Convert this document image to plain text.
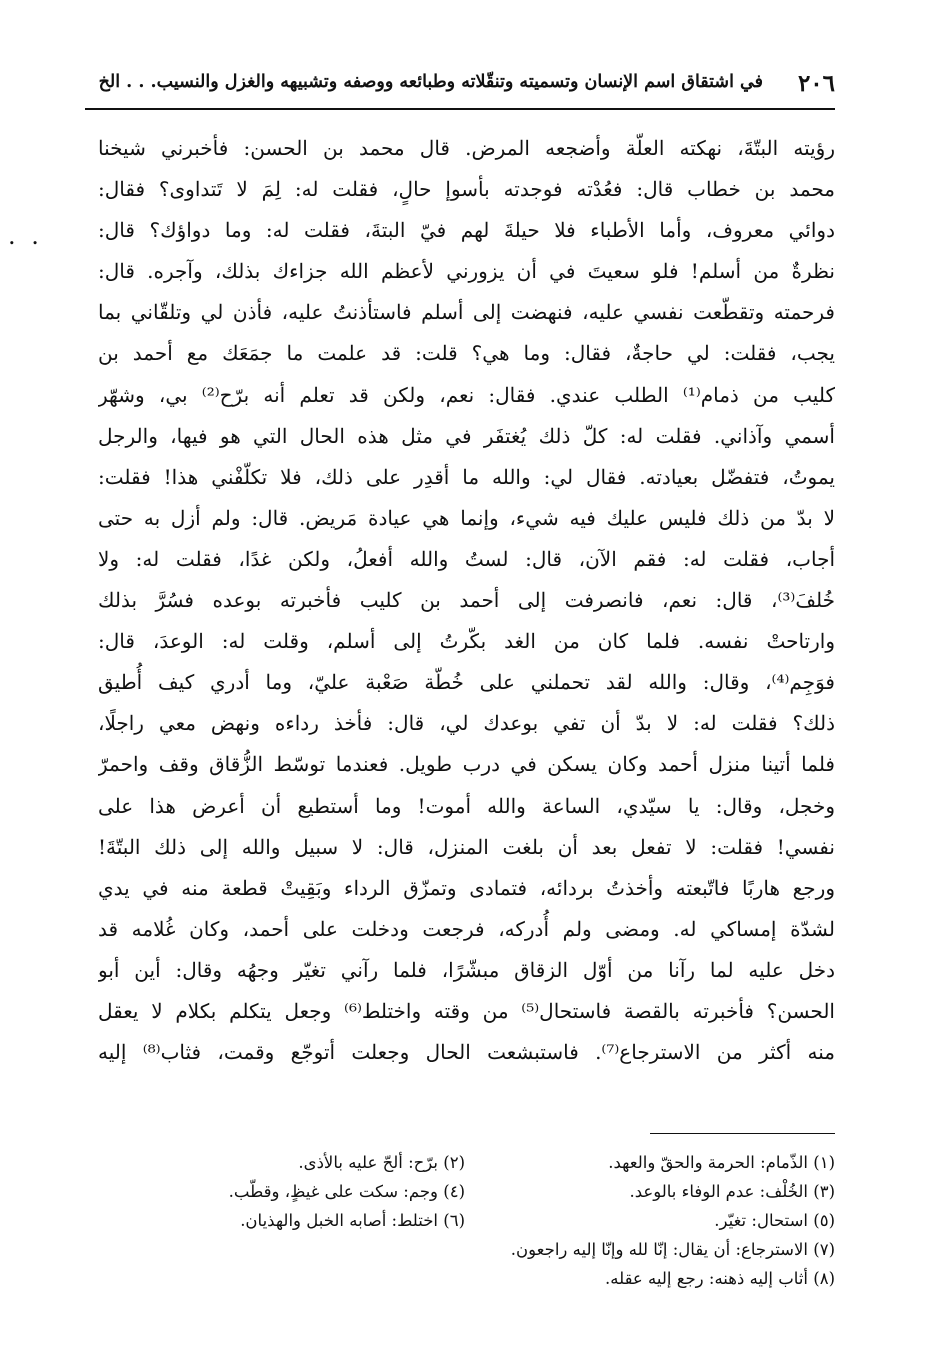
٢٠٦
في اشتقاق اسم الإنسان وتسميته وتنقّلاته وطبائعه ووصفه وتشبيهه والغزل والنسيب. . . الخ
. .
رؤيته البتّةَ، نهكته العلّة وأضجعه المرض. قال محمد بن الحسن: فأخبرني شيخنا
محمد بن خطاب قال: فعُدْته فوجدته بأسوإ حالٍ، فقلت له: لِمَ لا تَتداوى؟ فقال:
دوائي معروف، وأما الأطباء فلا حيلةَ لهم فيّ البتةَ، فقلت له: وما دواؤك؟ قال:
نظرةٌ من أسلم! فلو سعيتَ في أن يزورني لأعظم الله جزاءك بذلك، وآجره. قال:
فرحمته وتقطّعت نفسي عليه، فنهضت إلى أسلم فاستأذنتُ عليه، فأذن لي وتلقّاني بما
يجب، فقلت: لي حاجةٌ، فقال: وما هي؟ قلت: قد علمت ما جمَعَك مع أحمد بن
كليب من ذمام⁽¹⁾ الطلب عندي. فقال: نعم، ولكن قد تعلم أنه برّح⁽²⁾ بي، وشهّر
أسمي وآذاني. فقلت له: كلّ ذلك يُغتفَر في مثل هذه الحال التي هو فيها، والرجل
يموتُ، فتفضّل بعيادته. فقال لي: والله ما أقدِر على ذلك، فلا تكلّفْني هذا! فقلت:
لا بدّ من ذلك فليس عليك فيه شيء، وإنما هي عيادة مَريض. قال: ولم أزل به حتى
أجاب، فقلت له: فقم الآن، قال: لستُ والله أفعلُ، ولكن غدًا، فقلت له: ولا
خُلفَ⁽³⁾، قال: نعم، فانصرفت إلى أحمد بن كليب فأخبرته بوعده فسُرَّ بذلك
وارتاحتْ نفسه. فلما كان من الغد بكّرتُ إلى أسلم، وقلت له: الوعدَ، قال:
فوَجِم⁽⁴⁾، وقال: والله لقد تحملني على خُطّة صَعْبة عليّ، وما أدري كيف أُطيق
ذلك؟ فقلت له: لا بدّ أن تفي بوعدك لي، قال: فأخذ رداءه ونهض معي راجلًا،
فلما أتينا منزل أحمد وكان يسكن في درب طويل. فعندما توسّط الزُّقاق وقف واحمرّ
وخجل، وقال: يا سيّدي، الساعة والله أموت! وما أستطيع أن أعرض هذا على
نفسي! فقلت: لا تفعل بعد أن بلغت المنزل، قال: لا سبيل والله إلى ذلك البتّةَ!
ورجع هاربًا فاتّبعته وأخذتُ بردائه، فتمادى وتمزّق الرداء وبَقِيتْ قطعة منه في يدي
لشدّة إمساكي له. ومضى ولم أُدركه، فرجعت ودخلت على أحمد، وكان غُلامه قد
دخل عليه لما رآنا من أوّل الزقاق مبشّرًا، فلما رآني تغيّر وجهُه وقال: أين أبو
الحسن؟ فأخبرته بالقصة فاستحال⁽⁵⁾ من وقته واختلط⁽⁶⁾ وجعل يتكلم بكلام لا يعقل
منه أكثر من الاسترجاع⁽⁷⁾. فاستبشعت الحال وجعلت أتوجّع وقمت، فثاب⁽⁸⁾ إليه
(١) الذّمام: الحرمة والحقّ والعهد.
(٢) برّح: ألحّ عليه بالأذى.
(٣) الخُلْف: عدم الوفاء بالوعد.
(٤) وجم: سكت على غيظٍ، وقطّب.
(٥) استحال: تغيّر.
(٦) اختلط: أصابه الخبل والهذيان.
(٧) الاسترجاع: أن يقال: إنّا لله وإنّا إليه راجعون.
(٨) أثاب إليه ذهنه: رجع إليه عقله.
